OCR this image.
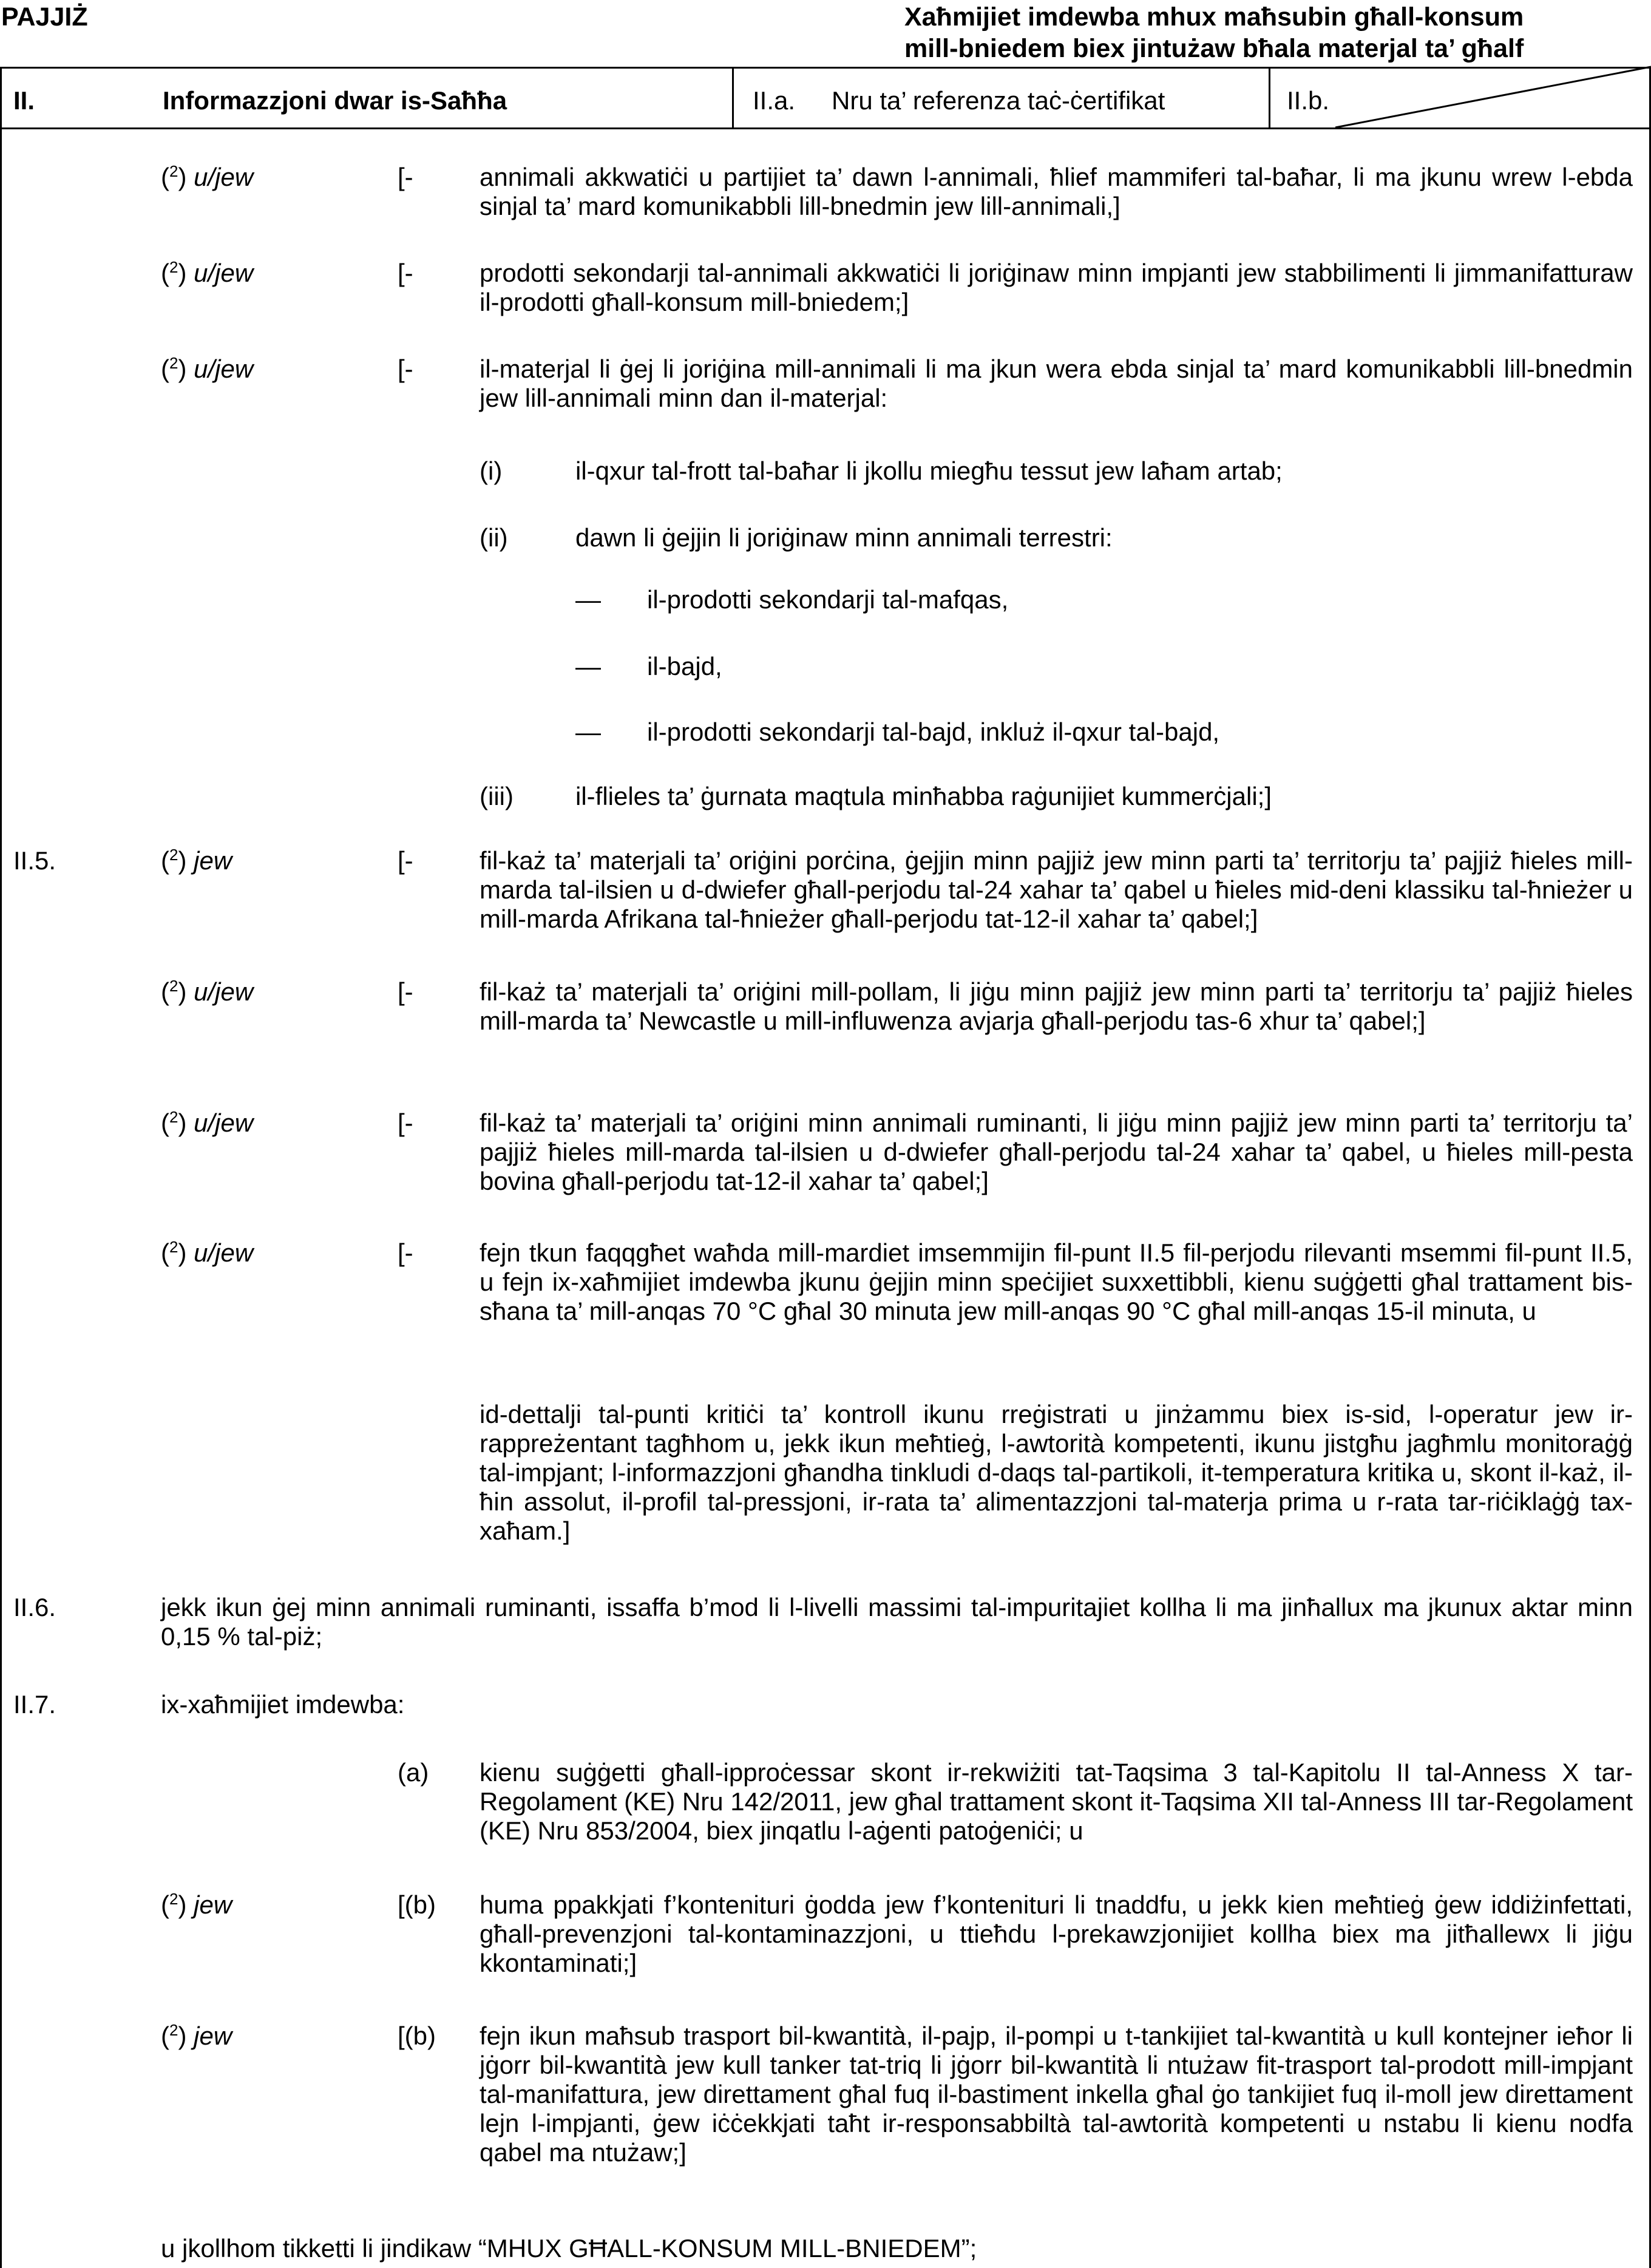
PAJJIŻ	Xaħmijiet imdewba mhux maħsubin għall-konsum
mill-bniedem biex jintużaw bħala materjal ta’ għalf
II.	Informazzjoni dwar is-Saħħa	II.a. Nru ta’ referenza taċ-ċertifikat	II.b.
($^2$) u/jew	[-	annimali akkwatiċi u partijiet ta’ dawn l-annimali, ħlief mammiferi tal-baħar, li ma jkunu wrew l-ebda sinjal ta’ mard komunikabbli lill-bnedmin jew lill-annimali,]
($^2$) u/jew	[-	prodotti sekondarji tal-annimali akkwatiċi li joriġinaw minn impjanti jew stabbilimenti li jimmanifatturaw il-prodotti għall-konsum mill-bniedem;]
($^2$) u/jew	[-	il-materjal li ġej li joriġina mill-annimali li ma jkun wera ebda sinjal ta’ mard komunikabbli lill-bnedmin jew lill-annimali minn dan il-materjal:
(i)	il-qxur tal-frott tal-baħar li jkollu miegħu tessut jew laħam artab;
(ii)	dawn li ġejjin li joriġinaw minn annimali terrestri:
— il-prodotti sekondarji tal-mafqas,
— il-bajd,
— il-prodotti sekondarji tal-bajd, inkluż il-qxur tal-bajd,
(iii) il-flieles ta’ ġurnata maqtula minħabba raġunijiet kummerċjali;]
II.5.	($^2$) jew	[-	fil-każ ta’ materjali ta’ oriġini porċina, ġejjin minn pajjiż jew minn parti ta’ territorju ta’ pajjiż ħieles mill-marda tal-ilsien u d-dwiefer għall-perjodu tal-24 xahar ta’ qabel u ħieles mid-deni klassiku tal-ħnieżer u mill-marda Afrikana tal-ħnieżer għall-perjodu tat-12-il xahar ta’ qabel;]
($^2$) u/jew	[-	fil-każ ta’ materjali ta’ oriġini mill-pollam, li jiġu minn pajjiż jew minn parti ta’ territorju ta’ pajjiż ħieles mill-marda ta’ Newcastle u mill-influwenza avjarja għall-perjodu tas-6 xhur ta’ qabel;]
($^2$) u/jew	[-	fil-każ ta’ materjali ta’ oriġini minn annimali ruminanti, li jiġu minn pajjiż jew minn parti ta’ territorju ta’ pajjiż ħieles mill-marda tal-ilsien u d-dwiefer għall-perjodu tal-24 xahar ta’ qabel, u ħieles mill-pesta bovina għall-perjodu tat-12-il xahar ta’ qabel;]
($^2$) u/jew	[-	fejn tkun faqqgħet waħda mill-mardiet imsemmijin fil-punt II.5 fil-perjodu rilevanti msemmi fil-punt II.5, u fejn ix-xaħmijiet imdewba jkunu ġejjin minn speċijiet suxxettibbli, kienu suġġetti għal trattament bis-sħana ta’ mill-anqas 70 °C għal 30 minuta jew mill-anqas 90 °C għal mill-anqas 15-il minuta, u
id-dettalji tal-punti kritiċi ta’ kontroll ikunu rreġistrati u jinżammu biex is-sid, l-operatur jew ir-rappreżentant tagħhom u, jekk ikun meħtieġ, l-awtorità kompetenti, ikunu jistgħu jagħmlu monitoraġġ tal-impjant; l-informazzjoni għandha tinkludi d-daqs tal-partikoli, it-temperatura kritika u, skont il-każ, il-ħin assolut, il-profil tal-pressjoni, ir-rata ta’ alimentazzjoni tal-materja prima u r-rata tar-riċiklaġġ tax-xaħam.]
II.6.	jekk ikun ġej minn annimali ruminanti, issaffa b’mod li l-livelli massimi tal-impuritajiet kollha li ma jinħallux ma jkunux aktar minn 0,15 % tal-piż;
II.7.	ix-xaħmijiet imdewba:
(a) kienu suġġetti għall-ipproċessar skont ir-rekwiżiti tat-Taqsima 3 tal-Kapitolu II tal-Anness X tar-Regolament (KE) Nru 142/2011, jew għal trattament skont it-Taqsima XII tal-Anness III tar-Regolament (KE) Nru 853/2004, biex jinqatlu l-aġenti patoġeniċi; u
($^2$) jew	[(b) huma ppakkjati f’kontenituri ġodda jew f’kontenituri li tnaddfu, u jekk kien meħtieġ ġew iddiżinfettati, għall-prevenzjoni tal-kontaminazzjoni, u ttieħdu l-prekawzjonijiet kollha biex ma jitħallewx li jiġu kkontaminati;]
($^2$) jew	[(b) fejn ikun maħsub trasport bil-kwantità, il-pajp, il-pompi u t-tankijiet tal-kwantità u kull kontejner ieħor li jġorr bil-kwantità jew kull tanker tat-triq li jġorr bil-kwantità li ntużaw fit-trasport tal-prodott mill-impjant tal-manifattura, jew direttament għal fuq il-bastiment inkella għal ġo tankijiet fuq il-moll jew direttament lejn l-impjanti, ġew iċċekkjati taħt ir-responsabbiltà tal-awtorità kompetenti u nstabu li kienu nodfa qabel ma ntużaw;]
u jkollhom tikketti li jindikaw “MHUX GĦALL-KONSUM MILL-BNIEDEM”;
